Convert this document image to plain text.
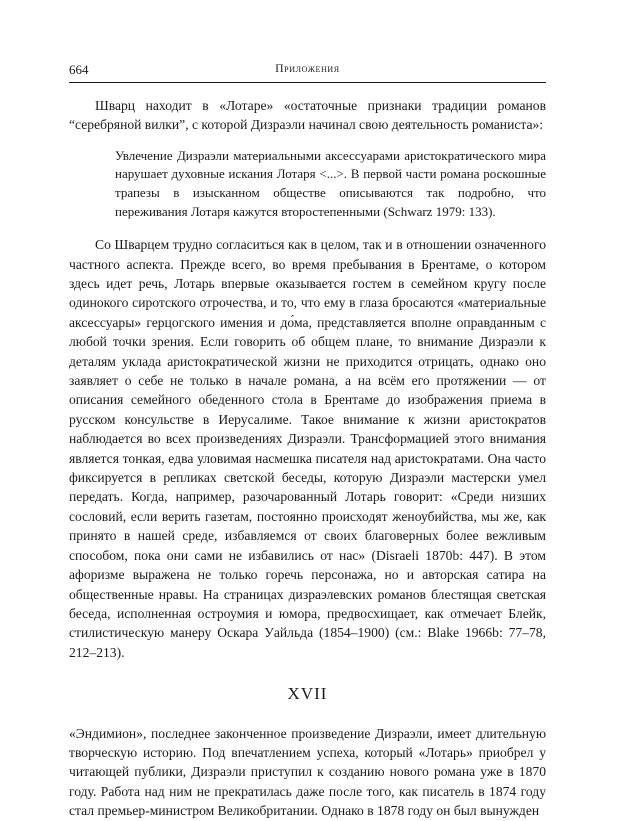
664	Приложения

Шварц находит в «Лотаре» «остаточные признаки традиции романов “серебряной вилки”, с которой Дизраэли начинал свою деятельность романиста»:

Увлечение Дизраэли материальными аксессуарами аристократического мира нарушает духовные искания Лотаря <...>. В первой части романа роскошные трапезы в изысканном обществе описываются так подробно, что переживания Лотаря кажутся второстепенными (Schwarz 1979: 133).

Со Шварцем трудно согласиться как в целом, так и в отношении означенного частного аспекта. Прежде всего, во время пребывания в Брентаме, о котором здесь идет речь, Лотарь впервые оказывается гостем в семейном кругу после одинокого сиротского отрочества, и то, что ему в глаза бросаются «материальные аксессуары» герцогского имения и до́ма, представляется вполне оправданным с любой точки зрения. Если говорить об общем плане, то внимание Дизраэли к деталям уклада аристократической жизни не приходится отрицать, однако оно заявляет о себе не только в начале романа, а на всём его протяжении — от описания семейного обеденного стола в Брентаме до изображения приема в русском консульстве в Иерусалиме. Такое внимание к жизни аристократов наблюдается во всех произведениях Дизраэли. Трансформацией этого внимания является тонкая, едва уловимая насмешка писателя над аристократами. Она часто фиксируется в репликах светской беседы, которую Дизраэли мастерски умел передать. Когда, например, разочарованный Лотарь говорит: «Среди низших сословий, если верить газетам, постоянно происходят женоубийства, мы же, как принято в нашей среде, избавляемся от своих благоверных более вежливым способом, пока они сами не избавились от нас» (Disraeli 1870b: 447). В этом афоризме выражена не только горечь персонажа, но и авторская сатира на общественные нравы. На страницах дизраэлевских романов блестящая светская беседа, исполненная остроумия и юмора, предвосхищает, как отмечает Блейк, стилистическую манеру Оскара Уайльда (1854–1900) (см.: Blake 1966b: 77–78, 212–213).

XVII

«Эндимион», последнее законченное произведение Дизраэли, имеет длительную творческую историю. Под впечатлением успеха, который «Лотарь» приобрел у читающей публики, Дизраэли приступил к созданию нового романа уже в 1870 году. Работа над ним не прекратилась даже после того, как писатель в 1874 году стал премьер-министром Великобритании. Однако в 1878 году он был вынужден
